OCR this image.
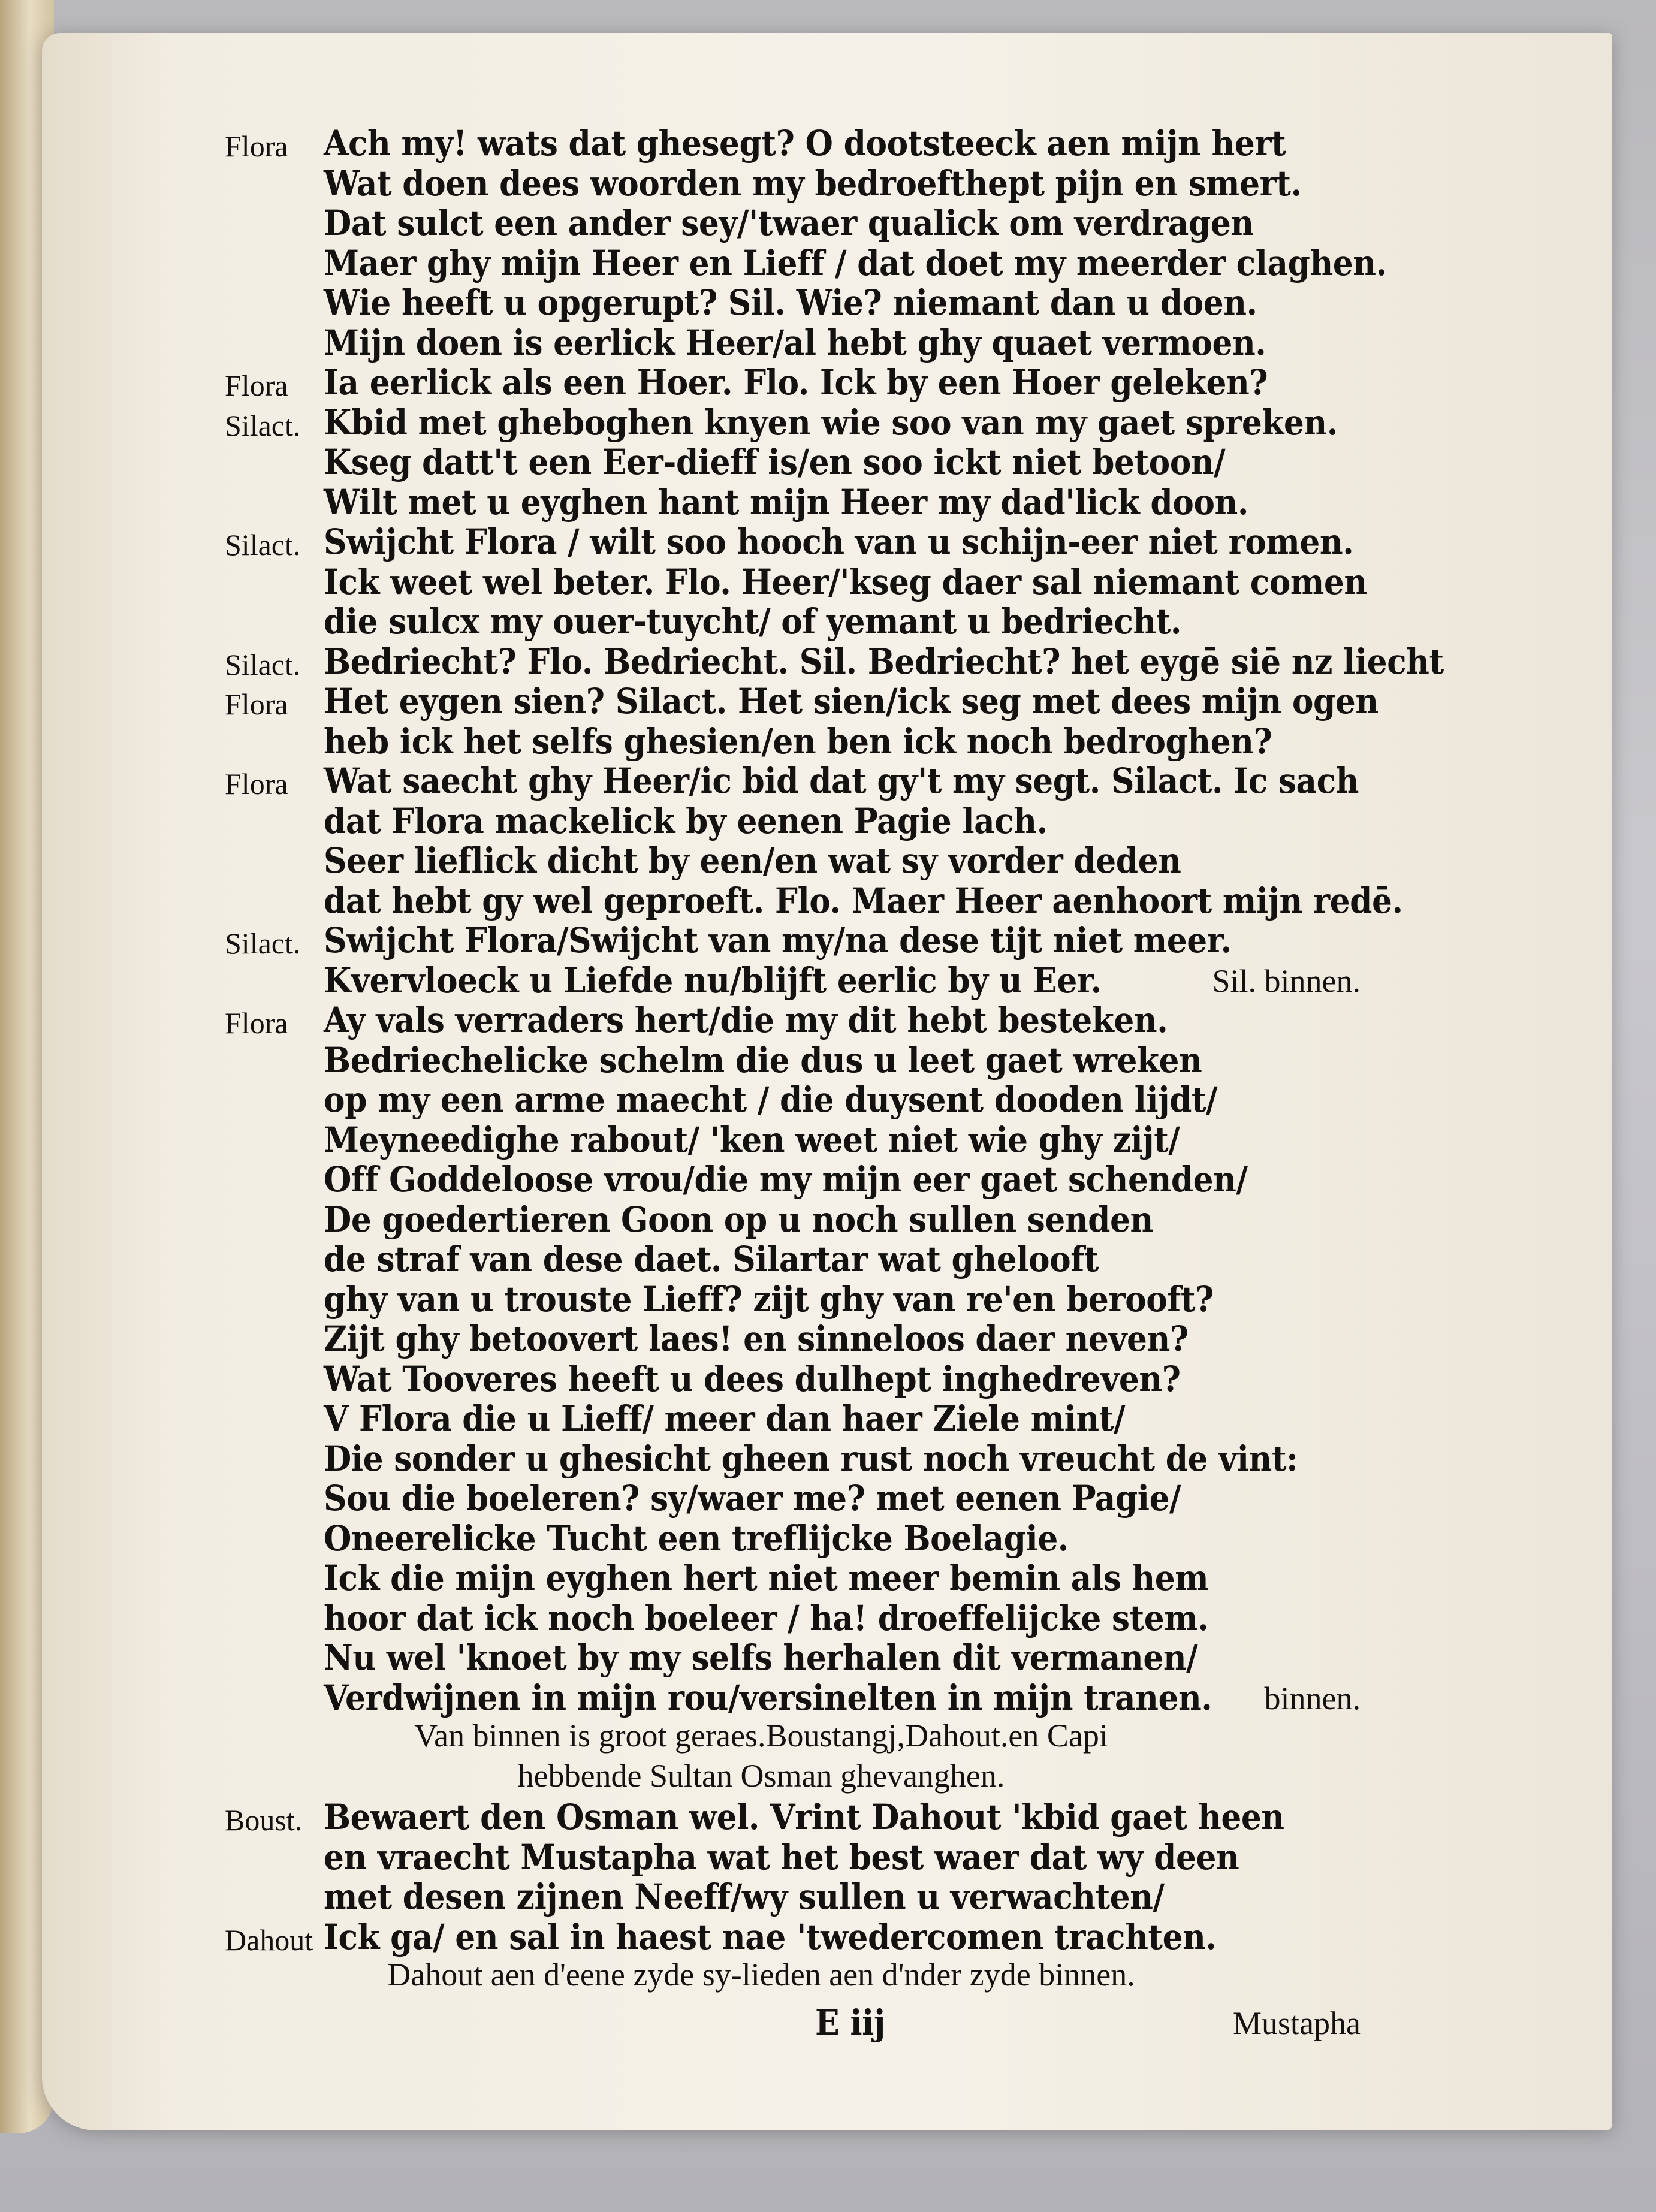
Flora Ach my! wats dat ghesegt? O dootsteeck aen mijn hert
Wat doen dees woorden my bedroefthept pijn en smert.
Dat sulct een ander sey/'twaer qualick om verdragen
Maer ghy mijn Heer en Lieff / dat doet my meerder claghen.
Wie heeft u opgerupt? Sil. Wie? niemant dan u doen.
Mijn doen is eerlick Heer/al hebt ghy quaet vermoen.
Flora Ia eerlick als een Hoer. Flo. Ick by een Hoer geleken?
Silact. Kbid met gheboghen knyen wie soo van my gaet spreken.
Kseg datt't een Eer-dieff is/en soo ickt niet betoon/
Wilt met u eyghen hant mijn Heer my dad'lick doon.
Silact. Swijcht Flora / wilt soo hooch van u schijn-eer niet romen.
Ick weet wel beter. Flo. Heer/'kseg daer sal niemant comen
die sulcx my ouer-tuycht/ of yemant u bedriecht.
Silact. Bedriecht? Flo. Bedriecht. Sil. Bedriecht? het eygē siē nz liecht
Flora Het eygen sien? Silact. Het sien/ick seg met dees mijn ogen
heb ick het selfs ghesien/en ben ick noch bedroghen?
Flora Wat saecht ghy Heer/ic bid dat gy't my segt. Silact. Ic sach
dat Flora mackelick by eenen Pagie lach.
Seer lieflick dicht by een/en wat sy vorder deden
dat hebt gy wel geproeft. Flo. Maer Heer aenhoort mijn redē.
Silact. Swijcht Flora/Swijcht van my/na dese tijt niet meer.
Kvervloeck u Liefde nu/blijft eerlic by u Eer.	Sil. binnen.
Flora Ay vals verraders hert/die my dit hebt besteken.
Bedriechelicke schelm die dus u leet gaet wreken
op my een arme maecht / die duysent dooden lijdt/
Meyneedighe rabout/ 'ken weet niet wie ghy zijt/
Off Goddeloose vrou/die my mijn eer gaet schenden/
De goedertieren Goon op u noch sullen senden
de straf van dese daet. Silartar wat ghelooft
ghy van u trouste Lieff? zijt ghy van re'en berooft?
Zijt ghy betoovert laes! en sinneloos daer neven?
Wat Tooveres heeft u dees dulhept inghedreven?
V Flora die u Lieff/ meer dan haer Ziele mint/
Die sonder u ghesicht gheen rust noch vreucht de vint:
Sou die boeleren? sy/waer me? met eenen Pagie/
Oneerelicke Tucht een treflijcke Boelagie.
Ick die mijn eyghen hert niet meer bemin als hem
hoor dat ick noch boeleer / ha! droeffelijcke stem.
Nu wel 'knoet by my selfs herhalen dit vermanen/
Verdwijnen in mijn rou/versinelten in mijn tranen. binnen.
Van binnen is groot geraes.Boustangj,Dahout.en Capi
hebbende Sultan Osman ghevanghen.
Boust. Bewaert den Osman wel. Vrint Dahout 'kbid gaet heen
en vraecht Mustapha wat het best waer dat wy deen
met desen zijnen Neeff/wy sullen u verwachten/
Dahout Ick ga/ en sal in haest nae 'twedercomen trachten.
Dahout aen d'eene zyde sy-lieden aen d'nder zyde binnen.
E iij	Mustapha
